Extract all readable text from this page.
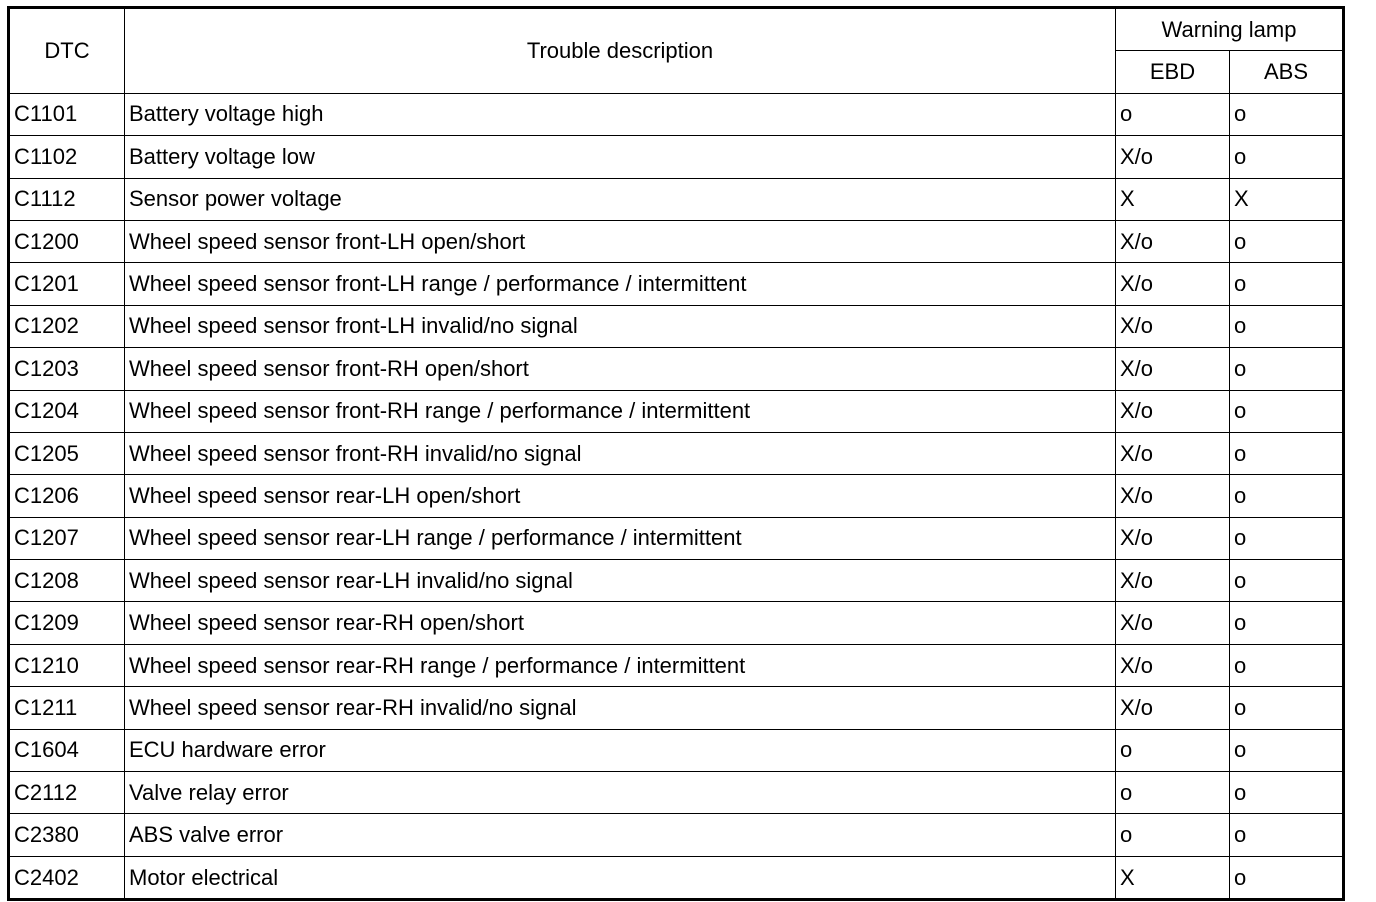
DTC	Trouble description	Warning lamp	
		EBD	ABS
C1101	Battery voltage high	o	o
C1102	Battery voltage low	X/o	o
C1112	Sensor power voltage	X	X
C1200	Wheel speed sensor front-LH open/short	X/o	o
C1201	Wheel speed sensor front-LH range / performance / intermittent	X/o	o
C1202	Wheel speed sensor front-LH invalid/no signal	X/o	o
C1203	Wheel speed sensor front-RH open/short	X/o	o
C1204	Wheel speed sensor front-RH range / performance / intermittent	X/o	o
C1205	Wheel speed sensor front-RH invalid/no signal	X/o	o
C1206	Wheel speed sensor rear-LH open/short	X/o	o
C1207	Wheel speed sensor rear-LH range / performance / intermittent	X/o	o
C1208	Wheel speed sensor rear-LH invalid/no signal	X/o	o
C1209	Wheel speed sensor rear-RH open/short	X/o	o
C1210	Wheel speed sensor rear-RH range / performance / intermittent	X/o	o
C1211	Wheel speed sensor rear-RH invalid/no signal	X/o	o
C1604	ECU hardware error	o	o
C2112	Valve relay error	o	o
C2380	ABS valve error	o	o
C2402	Motor electrical	X	o
